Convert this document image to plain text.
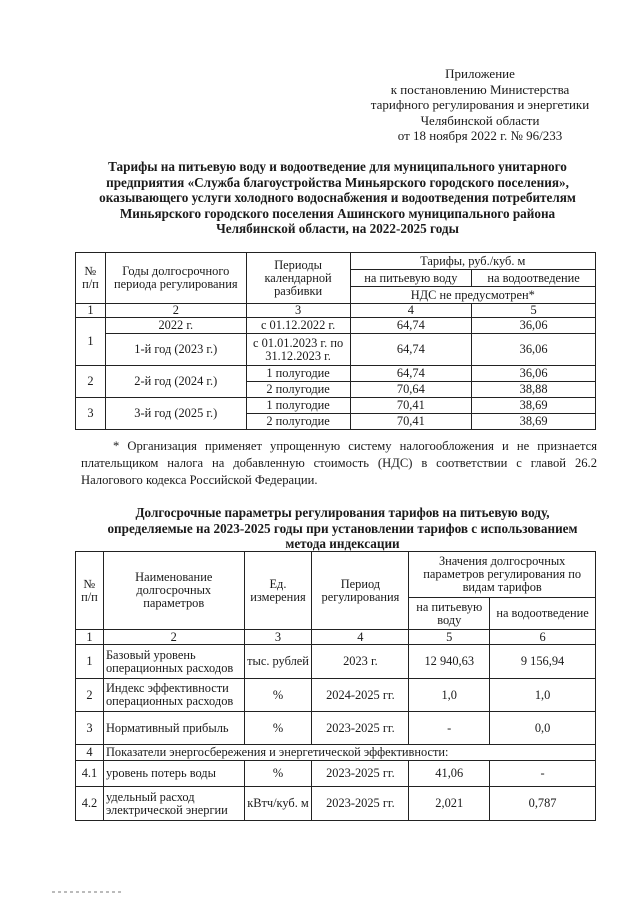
Приложение
к постановлению Министерства
тарифного регулирования и энергетики
Челябинской области
от 18 ноября 2022 г. № 96/233
Тарифы на питьевую воду и водоотведение для муниципального унитарного
предприятия «Служба благоустройства Миньярского городского поселения»,
оказывающего услуги холодного водоснабжения и водоотведения потребителям
Миньярского городского поселения Ашинского муниципального района
Челябинской области, на 2022-2025 годы
№ п/п	Годы долгосрочного периода регулирования	Периоды календарной разбивки	Тарифы, руб./куб. м	
			на питьевую воду	на водоотведение
			НДС не предусмотрен*	
1	2	3	4	5
1	2022 г.	с 01.12.2022 г.	64,74	36,06
	1-й год (2023 г.)	с 01.01.2023 г. по 31.12.2023 г.	64,74	36,06
2	2-й год (2024 г.)	1 полугодие	64,74	36,06
		2 полугодие	70,64	38,88
3	3-й год (2025 г.)	1 полугодие	70,41	38,69
		2 полугодие	70,41	38,69

* Организация применяет упрощенную систему налогообложения и не признается

плательщиком налога на добавленную стоимость (НДС) в соответствии с главой 26.2

Налогового кодекса Российской Федерации.

Долгосрочные параметры регулирования тарифов на питьевую воду,
определяемые на 2023-2025 годы при установлении тарифов с использованием
метода индексации
№ п/п	Наименование долгосрочных параметров	Ед. измерения	Период регулирования	Значения долгосрочных параметров регулирования по видам тарифов	
				на питьевую воду	на водоотведение
1	2	3	4	5	6
1	Базовый уровень операционных расходов	тыс. рублей	2023 г.	12 940,63	9 156,94
2	Индекс эффективности операционных расходов	%	2024-2025 гг.	1,0	1,0
3	Нормативный прибыль	%	2023-2025 гг.	-	0,0
4	Показатели энергосбережения и энергетической эффективности:				
4.1	уровень потерь воды	%	2023-2025 гг.	41,06	-
4.2	удельный расход электрической энергии	кВтч/куб. м	2023-2025 гг.	2,021	0,787
